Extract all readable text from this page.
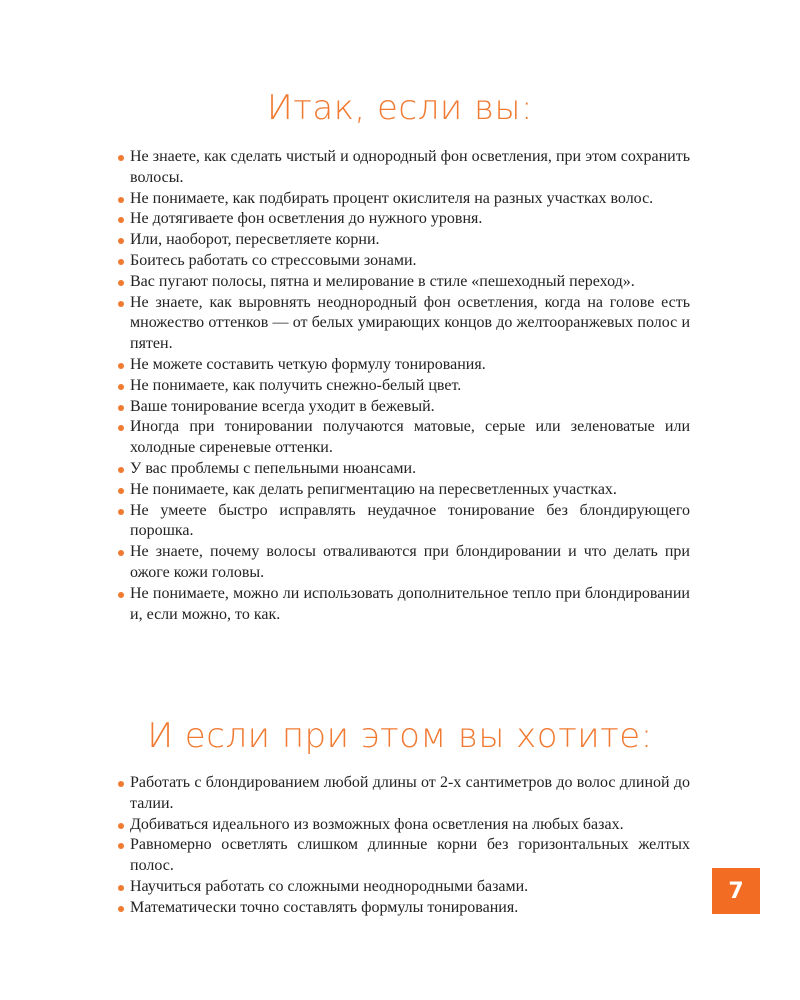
Итак, если вы:
Не знаете, как сделать чистый и однородный фон осветления, при этом сохранить волосы.
Не понимаете, как подбирать процент окислителя на разных участках волос.
Не дотягиваете фон осветления до нужного уровня.
Или, наоборот, пересветляете корни.
Боитесь работать со стрессовыми зонами.
Вас пугают полосы, пятна и мелирование в стиле «пешеходный переход».
Не знаете, как выровнять неоднородный фон осветления, когда на голове есть множество оттенков — от белых умирающих концов до желтооранжевых полос и пятен.
Не можете составить четкую формулу тонирования.
Не понимаете, как получить снежно-белый цвет.
Ваше тонирование всегда уходит в бежевый.
Иногда при тонировании получаются матовые, серые или зеленоватые или холодные сиреневые оттенки.
У вас проблемы с пепельными нюансами.
Не понимаете, как делать репигментацию на пересветленных участках.
Не умеете быстро исправлять неудачное тонирование без блондирующего порошка.
Не знаете, почему волосы отваливаются при блондировании и что делать при ожоге кожи головы.
Не понимаете, можно ли использовать дополнительное тепло при блондировании и, если можно, то как.
И если при этом вы хотите:
Работать с блондированием любой длины от 2-х сантиметров до волос длиной до талии.
Добиваться идеального из возможных фона осветления на любых базах.
Равномерно осветлять слишком длинные корни без горизонтальных желтых полос.
Научиться работать со сложными неоднородными базами.
Математически точно составлять формулы тонирования.
7
